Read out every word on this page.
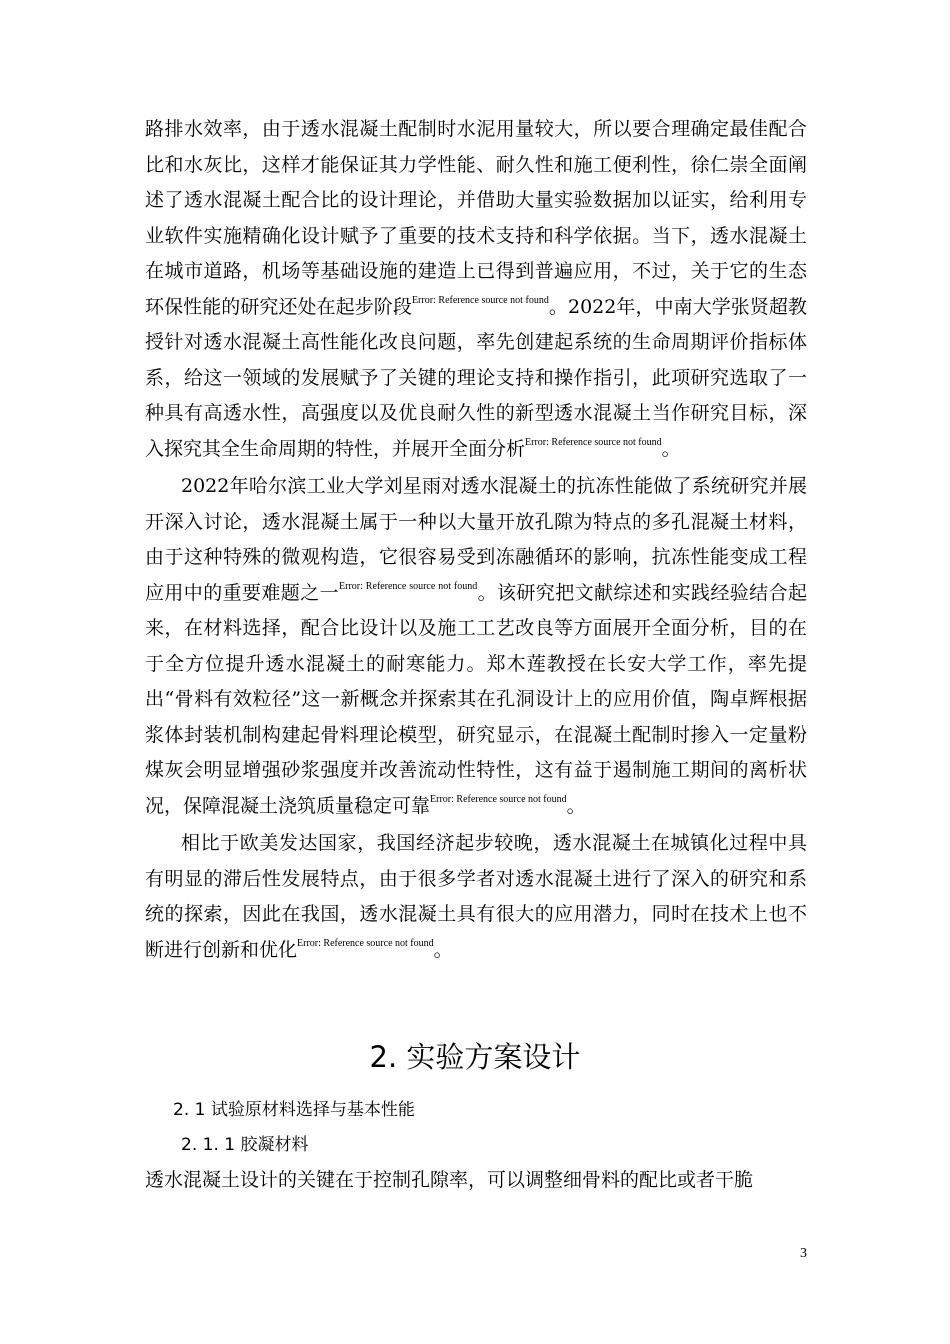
路排水效率，由于透水混凝土配制时水泥用量较大，所以要合理确定最佳配合比和水灰比，这样才能保证其力学性能、耐久性和施工便利性，徐仁崇全面阐述了透水混凝土配合比的设计理论，并借助大量实验数据加以证实，给利用专业软件实施精确化设计赋予了重要的技术支持和科学依据。当下，透水混凝土在城市道路，机场等基础设施的建造上已得到普遍应用，不过，关于它的生态环保性能的研究还处在起步阶段$^{Error: Reference source not found}$。2022年，中南大学张贤超教授针对透水混凝土高性能化改良问题，率先创建起系统的生命周期评价指标体系，给这一领域的发展赋予了关键的理论支持和操作指引，此项研究选取了一种具有高透水性，高强度以及优良耐久性的新型透水混凝土当作研究目标，深入探究其全生命周期的特性，并展开全面分析$^{Error: Reference source not found}$。

2022年哈尔滨工业大学刘星雨对透水混凝土的抗冻性能做了系统研究并展开深入讨论，透水混凝土属于一种以大量开放孔隙为特点的多孔混凝土材料，由于这种特殊的微观构造，它很容易受到冻融循环的影响，抗冻性能变成工程应用中的重要难题之一$^{Error: Reference source not found}$。该研究把文献综述和实践经验结合起来，在材料选择，配合比设计以及施工工艺改良等方面展开全面分析，目的在于全方位提升透水混凝土的耐寒能力。郑木莲教授在长安大学工作，率先提出“骨料有效粒径”这一新概念并探索其在孔洞设计上的应用价值，陶卓辉根据浆体封装机制构建起骨料理论模型，研究显示，在混凝土配制时掺入一定量粉煤灰会明显增强砂浆强度并改善流动性特性，这有益于遏制施工期间的离析状况，保障混凝土浇筑质量稳定可靠$^{Error: Reference source not found}$。

相比于欧美发达国家，我国经济起步较晚，透水混凝土在城镇化过程中具有明显的滞后性发展特点，由于很多学者对透水混凝土进行了深入的研究和系统的探索，因此在我国，透水混凝土具有很大的应用潜力，同时在技术上也不断进行创新和优化$^{Error: Reference source not found}$。

2. 实验方案设计
2. 1 试验原材料选择与基本性能
2. 1. 1 胶凝材料

透水混凝土设计的关键在于控制孔隙率，可以调整细骨料的配比或者干脆

3
